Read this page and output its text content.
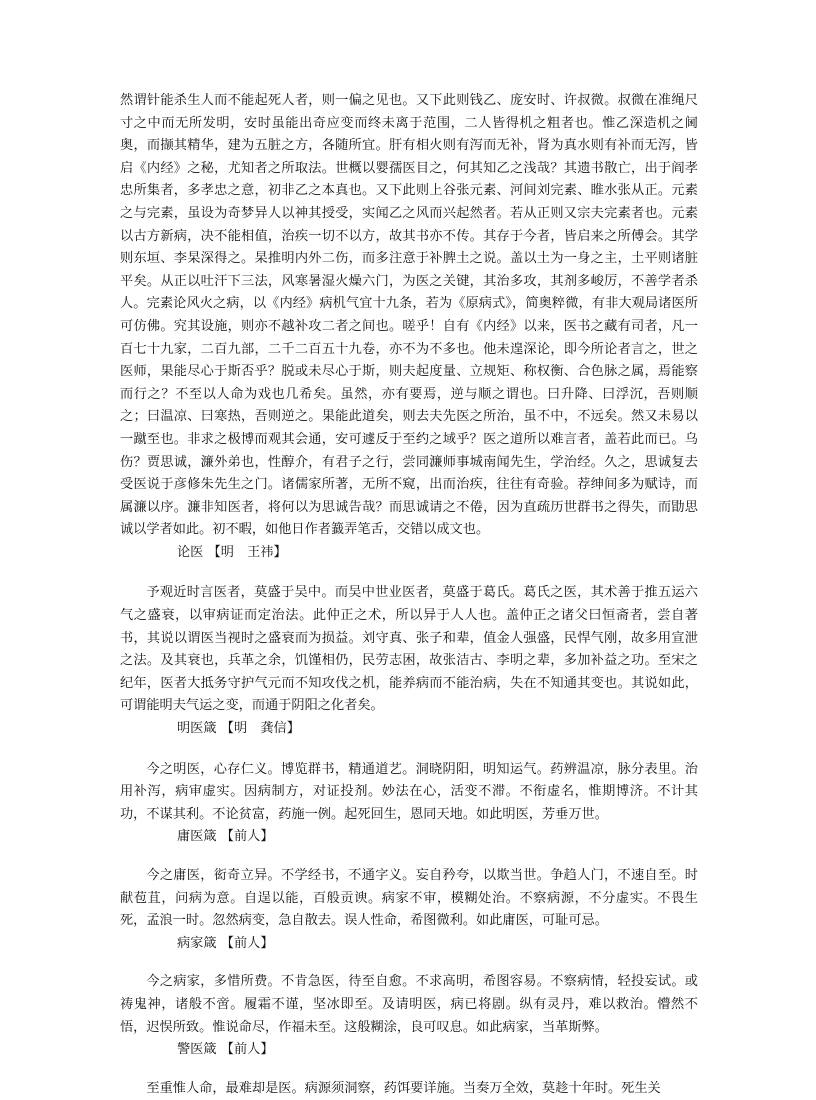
然谓针能杀生人而不能起死人者，则一偏之见也。又下此则钱乙、庞安时、许叔微。叔微在准绳尺寸之中而无所发明，安时虽能出奇应变而终未离于范围，二人皆得机之粗者也。惟乙深造机之阃奥，而撷其精华，建为五脏之方，各随所宜。肝有相火则有泻而无补，肾为真水则有补而无泻，皆启《内经》之秘，尤知者之所取法。世概以婴孺医目之，何其知乙之浅哉？其遗书散亡，出于阎孝忠所集者，多孝忠之意，初非乙之本真也。又下此则上谷张元素、河间刘完素、睢水张从正。元素之与完素，虽设为奇梦异人以神其授受，实闻乙之风而兴起然者。若从正则又宗夫完素者也。元素以古方新病，决不能相值，治疾一切不以方，故其书亦不传。其存于今者，皆启来之所傅会。其学则东垣、李杲深得之。杲推明内外二伤，而多注意于补脾土之说。盖以土为一身之主，土平则诸脏平矣。从正以吐汗下三法，风寒暑湿火燥六门，为医之关键，其治多攻，其剂多峻厉，不善学者杀人。完素论风火之病，以《内经》病机气宜十九条，若为《原病式》，简奥粹微，有非大观局诸医所可仿佛。究其设施，则亦不越补攻二者之间也。嗟乎！自有《内经》以来，医书之藏有司者，凡一百七十九家，二百九部，二千二百五十九卷，亦不为不多也。他未遑深论，即今所论者言之，世之医师，果能尽心于斯否乎？脱或未尽心于斯，则夫起度量、立规矩、称权衡、合色脉之属，焉能察而行之？不至以人命为戏也几希矣。虽然，亦有要焉，逆与顺之谓也。曰升降、曰浮沉，吾则顺之；曰温凉、曰寒热，吾则逆之。果能此道矣，则去夫先医之所治，虽不中，不远矣。然又未易以一蹴至也。非求之极博而观其会通，安可遽反于至约之域乎？医之道所以难言者，盖若此而已。乌伤？贾思诚，濂外弟也，性醇介，有君子之行，尝同濂师事城南闻先生，学治经。久之，思诚复去受医说于彦修朱先生之门。诸儒家所著，无所不窥，出而治疾，往往有奇验。荐绅间多为赋诗，而属濂以序。濂非知医者，将何以为思诚告哉？而思诚请之不倦，因为直疏历世群书之得失，而勖思诚以学者如此。初不暇，如他日作者籖弄笔舌，交错以成文也。

论医 【明　王祎】

予观近时言医者，莫盛于吴中。而吴中世业医者，莫盛于葛氏。葛氏之医，其术善于推五运六气之盛衰，以审病证而定治法。此仲正之术，所以异于人人也。盖仲正之诸父曰恒斋者，尝自著书，其说以谓医当视时之盛衰而为损益。刘守真、张子和辈，值金人强盛，民悍气刚，故多用宣泄之法。及其衰也，兵革之余，饥馑相仍，民劳志困，故张洁古、李明之辈，多加补益之功。至宋之纪年，医者大抵务守护气元而不知攻伐之机，能养病而不能治病，失在不知通其变也。其说如此，可谓能明夫气运之变，而通于阴阳之化者矣。

明医箴 【明　龚信】

今之明医，心存仁义。博览群书，精通道艺。洞晓阴阳，明知运气。药辨温凉，脉分表里。治用补泻，病审虚实。因病制方，对证投剂。妙法在心，活变不滞。不衔虚名，惟期博济。不计其功，不谋其利。不论贫富，药施一例。起死回生，恩同天地。如此明医，芳垂万世。

庸医箴 【前人】

今之庸医，衒奇立异。不学经书，不通字义。妄自矜夸，以欺当世。争趋人门，不速自至。时献苞苴，问病为意。自逞以能，百般贡谀。病家不审，模糊处治。不察病源，不分虚实。不畏生死，孟浪一时。忽然病变，急自散去。误人性命，希图微利。如此庸医，可耻可忌。

病家箴 【前人】

今之病家，多惜所费。不肯急医，待至自愈。不求高明，希图容易。不察病情，轻投妄试。或祷鬼神，诸般不啻。履霜不谨，坚冰即至。及请明医，病已将剧。纵有灵丹，难以救治。懵然不悟，迟悮所致。惟说命尽，作福未至。这般糊涂，良可叹息。如此病家，当革斯弊。

警医箴 【前人】

至重惟人命，最难却是医。病源须洞察，药饵要详施。当奏万全效，莫趁十年时。死生关
